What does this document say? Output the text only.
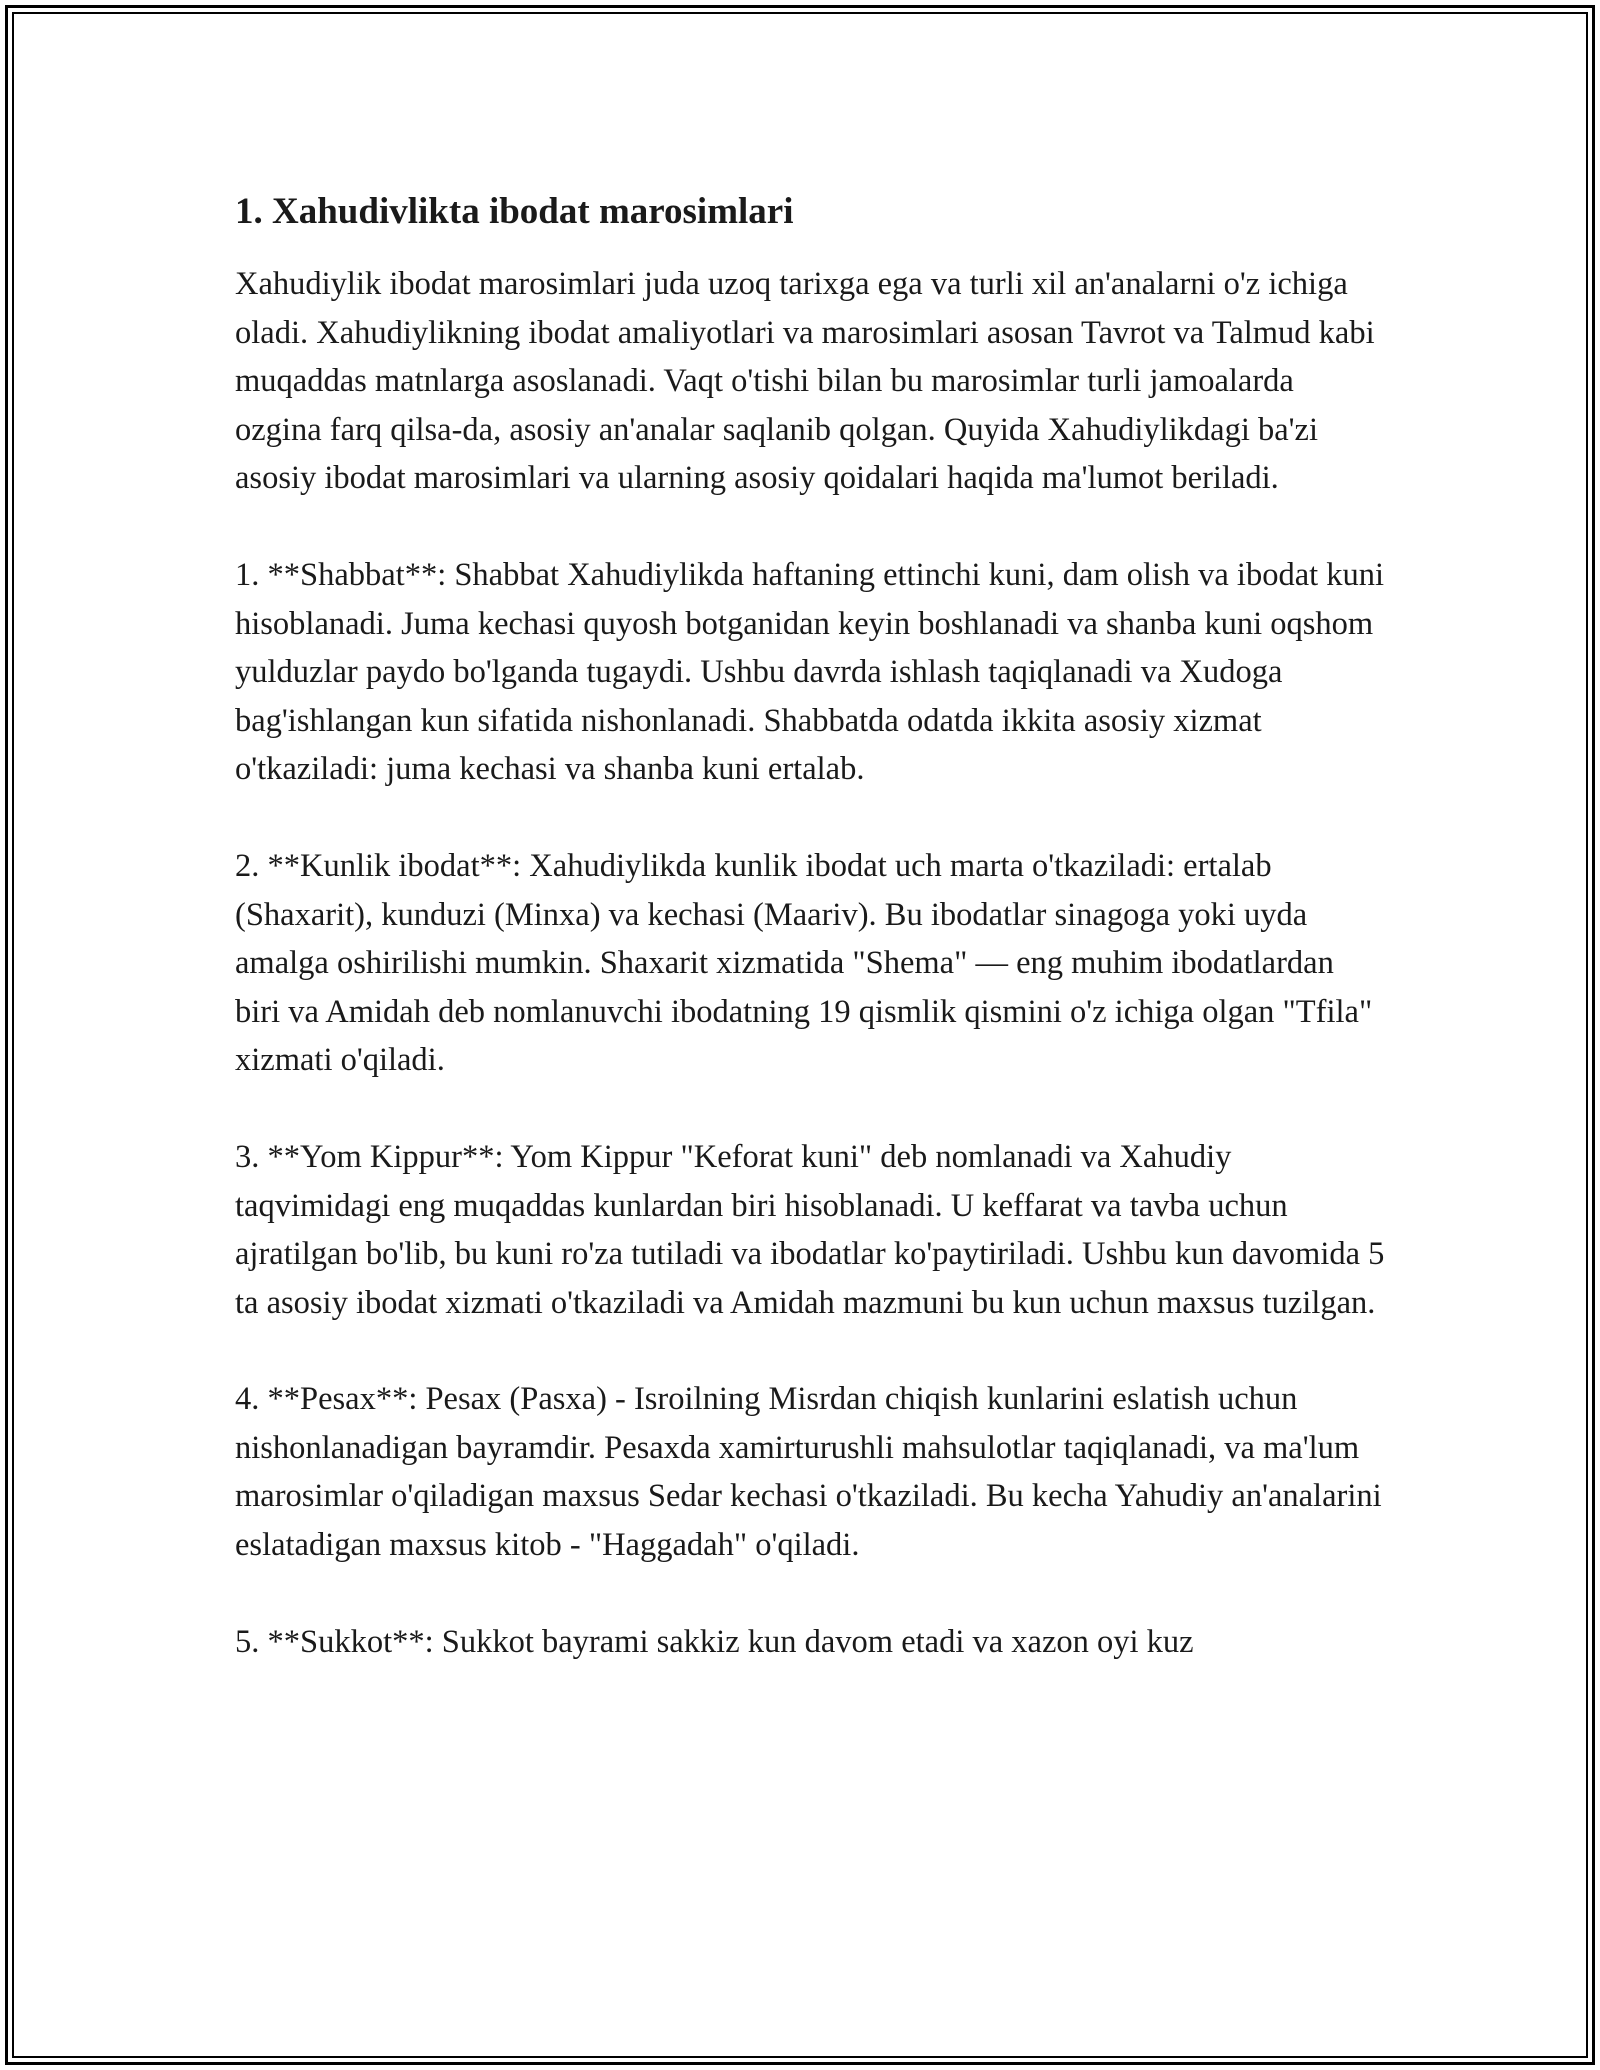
1. Xahudivlikta ibodat marosimlari

Xahudiylik ibodat marosimlari juda uzoq tarixga ega va turli xil an'analarni o'z ichiga oladi. Xahudiylikning ibodat amaliyotlari va marosimlari asosan Tavrot va Talmud kabi muqaddas matnlarga asoslanadi. Vaqt o'tishi bilan bu marosimlar turli jamoalarda ozgina farq qilsa-da, asosiy an'analar saqlanib qolgan. Quyida Xahudiylikdagi ba'zi asosiy ibodat marosimlari va ularning asosiy qoidalari haqida ma'lumot beriladi.

1. **Shabbat**: Shabbat Xahudiylikda haftaning ettinchi kuni, dam olish va ibodat kuni hisoblanadi. Juma kechasi quyosh botganidan keyin boshlanadi va shanba kuni oqshom yulduzlar paydo bo'lganda tugaydi. Ushbu davrda ishlash taqiqlanadi va Xudoga bag'ishlangan kun sifatida nishonlanadi. Shabbatda odatda ikkita asosiy xizmat o'tkaziladi: juma kechasi va shanba kuni ertalab.

2. **Kunlik ibodat**: Xahudiylikda kunlik ibodat uch marta o'tkaziladi: ertalab (Shaxarit), kunduzi (Minxa) va kechasi (Maariv). Bu ibodatlar sinagoga yoki uyda amalga oshirilishi mumkin. Shaxarit xizmatida "Shema" — eng muhim ibodatlardan biri va Amidah deb nomlanuvchi ibodatning 19 qismlik qismini o'z ichiga olgan "Tfila" xizmati o'qiladi.

3. **Yom Kippur**: Yom Kippur "Keforat kuni" deb nomlanadi va Xahudiy taqvimidagi eng muqaddas kunlardan biri hisoblanadi. U keffarat va tavba uchun ajratilgan bo'lib, bu kuni ro'za tutiladi va ibodatlar ko'paytiriladi. Ushbu kun davomida 5 ta asosiy ibodat xizmati o'tkaziladi va Amidah mazmuni bu kun uchun maxsus tuzilgan.

4. **Pesax**: Pesax (Pasxa) - Isroilning Misrdan chiqish kunlarini eslatish uchun nishonlanadigan bayramdir. Pesaxda xamirturushli mahsulotlar taqiqlanadi, va ma'lum marosimlar o'qiladigan maxsus Sedar kechasi o'tkaziladi. Bu kecha Yahudiy an'analarini eslatadigan maxsus kitob - "Haggadah" o'qiladi.

5. **Sukkot**: Sukkot bayrami sakkiz kun davom etadi va xazon oyi kuz
